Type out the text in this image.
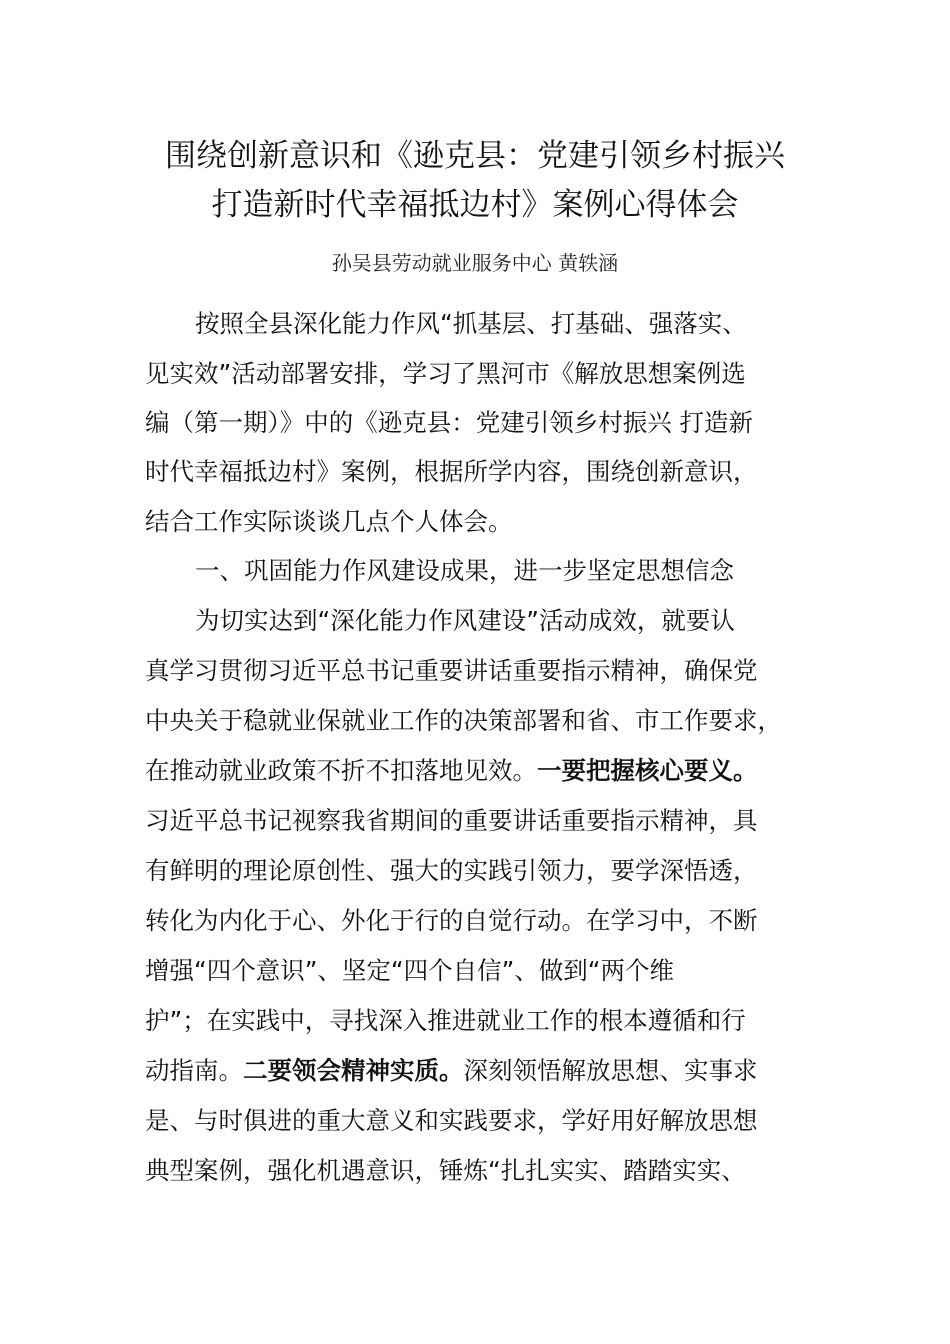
围绕创新意识和《逊克县：党建引领乡村振兴
打造新时代幸福抵边村》案例心得体会
孙吴县劳动就业服务中心 黄轶涵
按照全县深化能力作风“抓基层、打基础、强落实、
见实效”活动部署安排，学习了黑河市《解放思想案例选
编（第一期）》中的《逊克县：党建引领乡村振兴 打造新
时代幸福抵边村》案例，根据所学内容，围绕创新意识，
结合工作实际谈谈几点个人体会。
一、巩固能力作风建设成果，进一步坚定思想信念
为切实达到“深化能力作风建设”活动成效，就要认
真学习贯彻习近平总书记重要讲话重要指示精神，确保党
中央关于稳就业保就业工作的决策部署和省、市工作要求，
在推动就业政策不折不扣落地见效。一要把握核心要义。
习近平总书记视察我省期间的重要讲话重要指示精神，具
有鲜明的理论原创性、强大的实践引领力，要学深悟透，
转化为内化于心、外化于行的自觉行动。在学习中，不断
增强“四个意识”、坚定“四个自信”、做到“两个维
护”；在实践中，寻找深入推进就业工作的根本遵循和行
动指南。二要领会精神实质。深刻领悟解放思想、实事求
是、与时俱进的重大意义和实践要求，学好用好解放思想
典型案例，强化机遇意识，锤炼“扎扎实实、踏踏实实、
